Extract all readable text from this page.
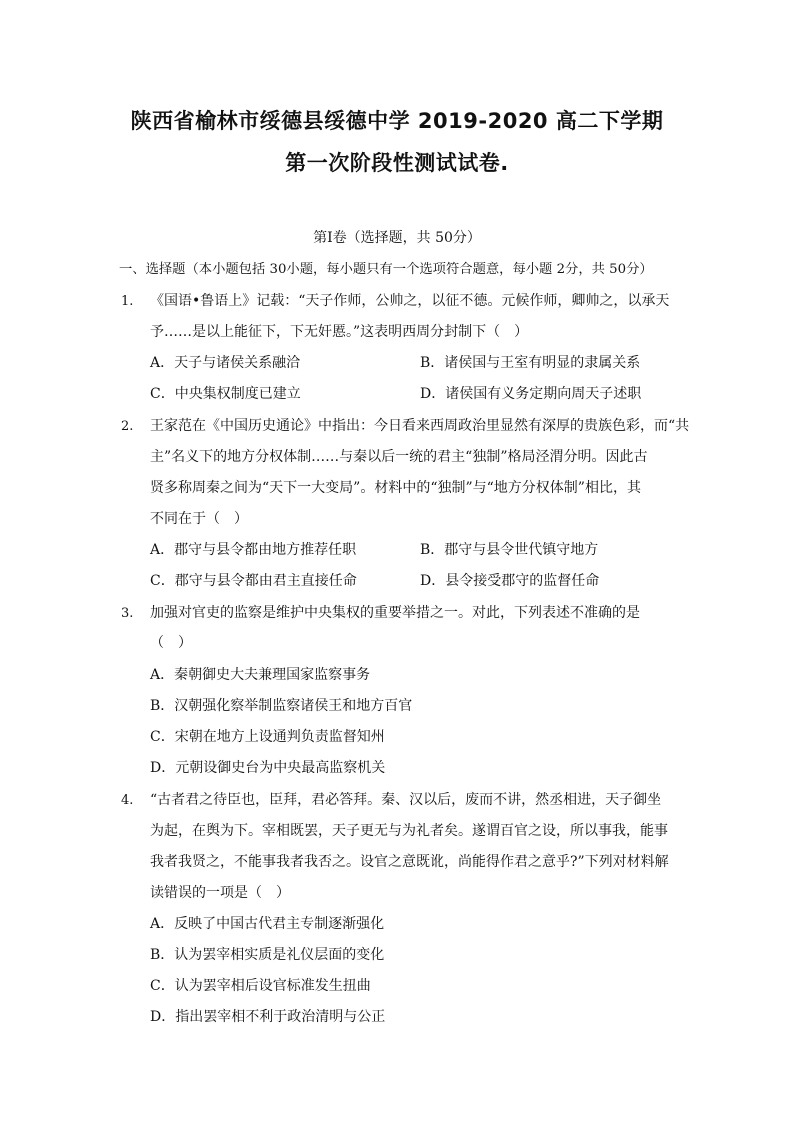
陕西省榆林市绥德县绥德中学 2019-2020 高二下学期
第一次阶段性测试试卷.
第Ⅰ卷（选择题，共 50分）
一、选择题（本小题包括 30小题，每小题只有一个选项符合题意，每小题 2分，共 50分）
1. 《国语•鲁语上》记载：“天子作师，公帅之，以征不德。元候作师，卿帅之，以承天
予……是以上能征下，下无奸慝。”这表明西周分封制下（　）
A．天子与诸侯关系融洽	B．诸侯国与王室有明显的隶属关系
C．中央集权制度已建立	D．诸侯国有义务定期向周天子述职
2. 王家范在《中国历史通论》中指出：今日看来西周政治里显然有深厚的贵族色彩，而“共
主”名义下的地方分权体制……与秦以后一统的君主“独制”格局泾渭分明。因此古
贤多称周秦之间为“天下一大变局”。材料中的“独制”与“地方分权体制”相比，其
不同在于（　）
A．郡守与县令都由地方推荐任职	B．郡守与县令世代镇守地方
C．郡守与县令都由君主直接任命	D．县令接受郡守的监督任命
3. 加强对官吏的监察是维护中央集权的重要举措之一。对此，下列表述不准确的是
（　）
A．秦朝御史大夫兼理国家监察事务
B．汉朝强化察举制监察诸侯王和地方百官
C．宋朝在地方上设通判负责监督知州
D．元朝设御史台为中央最高监察机关
4. “古者君之待臣也，臣拜，君必答拜。秦、汉以后，废而不讲，然丞相进，天子御坐
为起，在舆为下。宰相既罢，天子更无与为礼者矣。遂谓百官之设，所以事我，能事
我者我贤之，不能事我者我否之。设官之意既讹，尚能得作君之意乎?”下列对材料解
读错误的一项是（　）
A．反映了中国古代君主专制逐渐强化
B．认为罢宰相实质是礼仪层面的变化
C．认为罢宰相后设官标准发生扭曲
D．指出罢宰相不利于政治清明与公正
